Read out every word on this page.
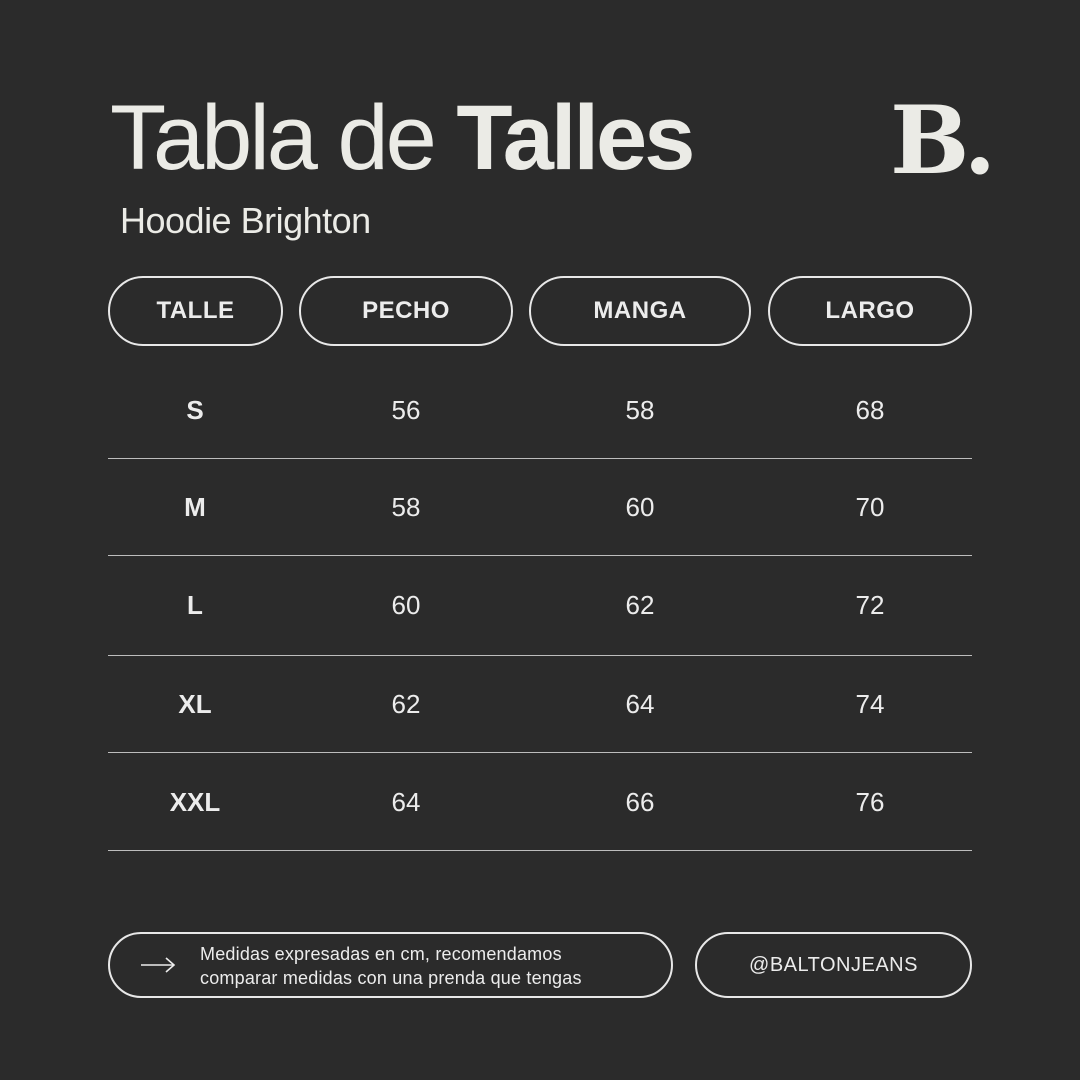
Tabla de Talles
Hoodie Brighton
B.
TALLE	PECHO	MANGA	LARGO
S	56	58	68
M	58	60	70
L	60	62	72
XL	62	64	74
XXL	64	66	76
Medidas expresadas en cm, recomendamos
comparar medidas con una prenda que tengas
@BALTONJEANS
